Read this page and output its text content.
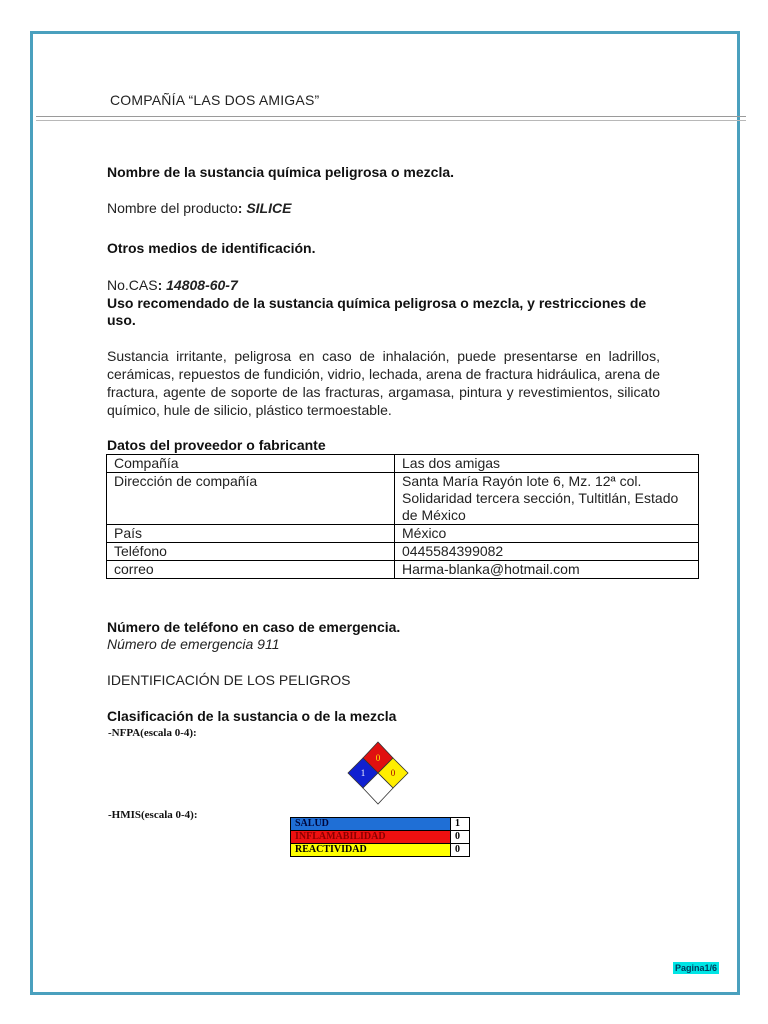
COMPAÑÍA “LAS DOS AMIGAS”
Nombre de la sustancia química peligrosa o mezcla.
Nombre del producto: SILICE
Otros medios de identificación.
No.CAS: 14808-60-7
Uso recomendado de la sustancia química peligrosa o mezcla, y restricciones de uso.
Sustancia irritante, peligrosa en caso de inhalación, puede presentarse en ladrillos, cerámicas, repuestos de fundición, vidrio, lechada, arena de fractura hidráulica, arena de fractura, agente de soporte de las fracturas, argamasa, pintura y revestimientos, silicato químico, hule de silicio, plástico termoestable.
Datos del proveedor o fabricante
Compañía	Las dos amigas
Dirección de compañía	Santa María Rayón lote 6, Mz. 12ª col. Solidaridad tercera sección, Tultitlán, Estado de México
País	México
Teléfono	0445584399082
correo	Harma-blanka@hotmail.com
Número de teléfono en caso de emergencia.
Número de emergencia 911
IDENTIFICACIÓN DE LOS PELIGROS
Clasificación de la sustancia o de la mezcla
-NFPA(escala 0-4):
0
1	0
-HMIS(escala 0-4):
SALUD	1
INFLAMABILIDAD	0
REACTIVIDAD	0
Pagina1/6
